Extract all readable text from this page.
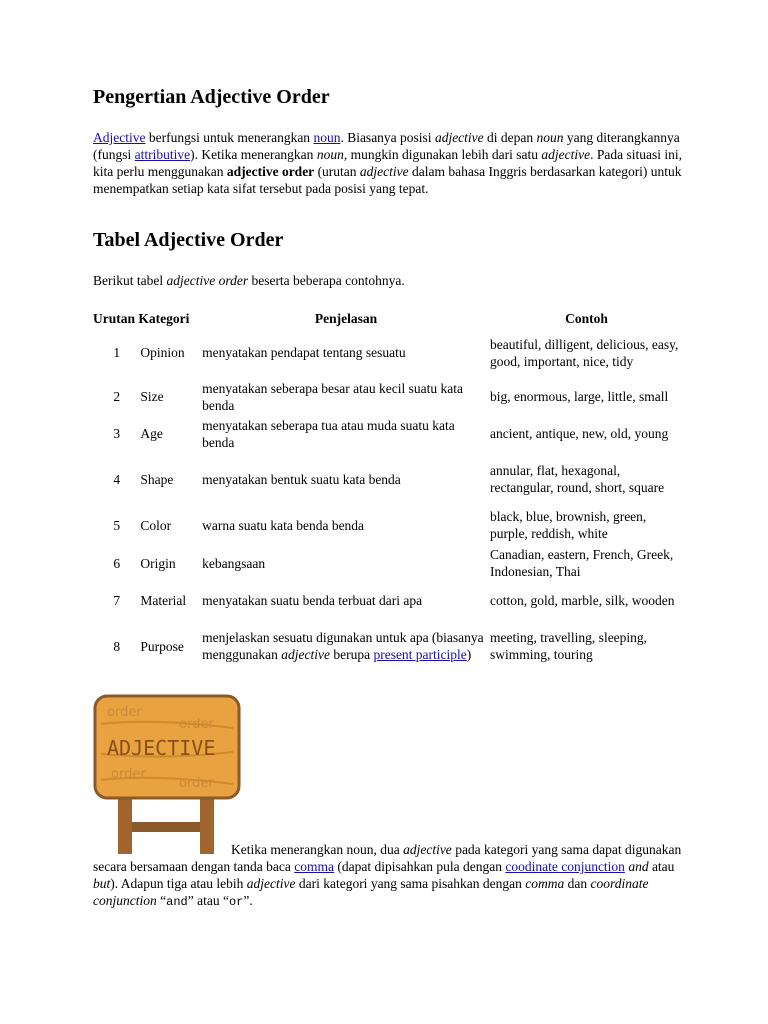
Pengertian Adjective Order

Adjective berfungsi untuk menerangkan noun. Biasanya posisi adjective di depan noun yang diterangkannya (fungsi attributive). Ketika menerangkan noun, mungkin digunakan lebih dari satu adjective. Pada situasi ini, kita perlu menggunakan adjective order (urutan adjective dalam bahasa Inggris berdasarkan kategori) untuk menempatkan setiap kata sifat tersebut pada posisi yang tepat.

Tabel Adjective Order

Berikut tabel adjective order beserta beberapa contohnya.

Urutan Kategori		Penjelasan	Contoh
1	Opinion	menyatakan pendapat tentang sesuatu	beautiful, dilligent, delicious, easy, good, important, nice, tidy
2	Size	menyatakan seberapa besar atau kecil suatu kata benda	big, enormous, large, little, small
3	Age	menyatakan seberapa tua atau muda suatu kata benda	ancient, antique, new, old, young
4	Shape	menyatakan bentuk suatu kata benda	annular, flat, hexagonal, rectangular, round, short, square
5	Color	warna suatu kata benda benda	black, blue, brownish, green, purple, reddish, white
6	Origin	kebangsaan	Canadian, eastern, French, Greek, Indonesian, Thai
7	Material	menyatakan suatu benda terbuat dari apa	cotton, gold, marble, silk, wooden
8	Purpose	menjelaskan sesuatu digunakan untuk apa (biasanya menggunakan adjective berupa present participle)	meeting, travelling, sleeping, swimming, touring
order
order
ADJECTIVE
order
order

Ketika menerangkan noun, dua adjective pada kategori yang sama dapat digunakan secara bersamaan dengan tanda baca comma (dapat dipisahkan pula dengan coodinate conjunction and atau but). Adapun tiga atau lebih adjective dari kategori yang sama pisahkan dengan comma dan coordinate conjunction “and” atau “or”.
